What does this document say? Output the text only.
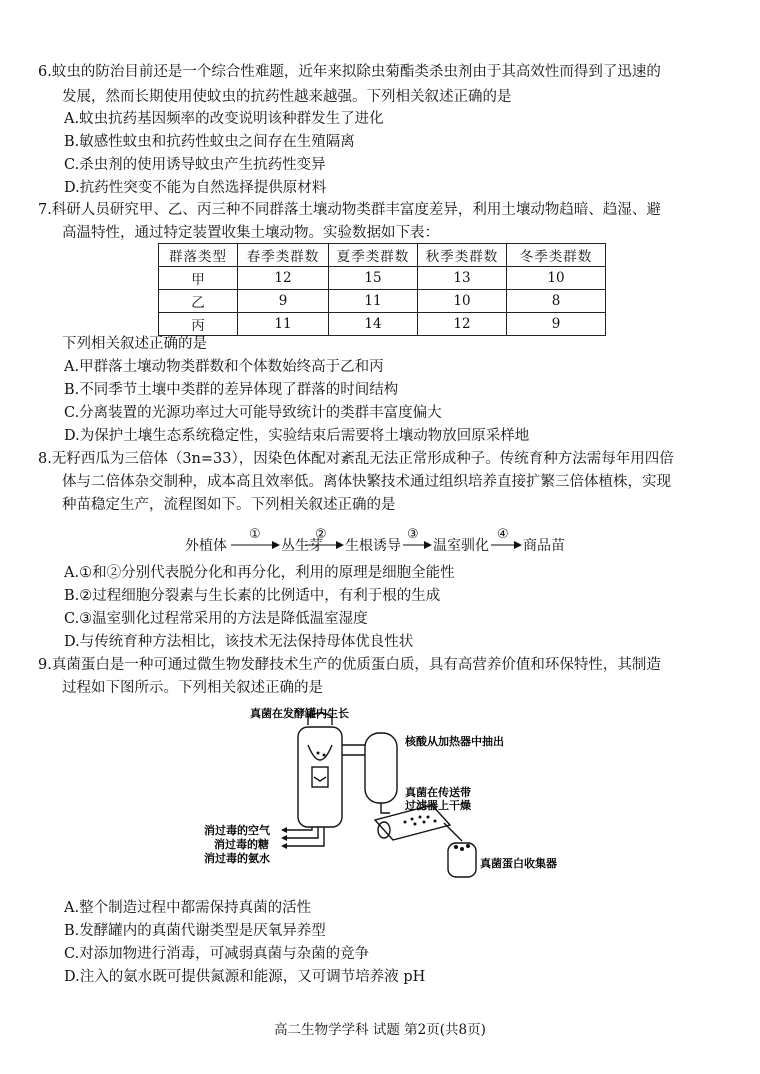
6.蚊虫的防治目前还是一个综合性难题，近年来拟除虫菊酯类杀虫剂由于其高效性而得到了迅速的
发展，然而长期使用使蚊虫的抗药性越来越强。下列相关叙述正确的是
A.蚊虫抗药基因频率的改变说明该种群发生了进化
B.敏感性蚊虫和抗药性蚊虫之间存在生殖隔离
C.杀虫剂的使用诱导蚊虫产生抗药性变异
D.抗药性突变不能为自然选择提供原材料
7.科研人员研究甲、乙、丙三种不同群落土壤动物类群丰富度差异，利用土壤动物趋暗、趋湿、避
高温特性，通过特定装置收集土壤动物。实验数据如下表：
群落类型	春季类群数	夏季类群数	秋季类群数	冬季类群数
甲	12	15	13	10
乙	9	11	10	8
丙	11	14	12	9
下列相关叙述正确的是
A.甲群落土壤动物类群数和个体数始终高于乙和丙
B.不同季节土壤中类群的差异体现了群落的时间结构
C.分离装置的光源功率过大可能导致统计的类群丰富度偏大
D.为保护土壤生态系统稳定性，实验结束后需要将土壤动物放回原采样地
8.无籽西瓜为三倍体（3n=33），因染色体配对紊乱无法正常形成种子。传统育种方法需每年用四倍
体与二倍体杂交制种，成本高且效率低。离体快繁技术通过组织培养直接扩繁三倍体植株，实现
种苗稳定生产，流程图如下。下列相关叙述正确的是
外植体
①
丛生芽
②
生根诱导
③
温室驯化
④
商品苗
A.①和②分别代表脱分化和再分化，利用的原理是细胞全能性
B.②过程细胞分裂素与生长素的比例适中，有利于根的生成
C.③温室驯化过程常采用的方法是降低温室湿度
D.与传统育种方法相比，该技术无法保持母体优良性状
9.真菌蛋白是一种可通过微生物发酵技术生产的优质蛋白质，具有高营养价值和环保特性，其制造
过程如下图所示。下列相关叙述正确的是
真菌在发酵罐内生长
核酸从加热器中抽出
真菌在传送带
过滤器上干燥
消过毒的空气
消过毒的糖
消过毒的氨水	真菌蛋白收集器
A.整个制造过程中都需保持真菌的活性
B.发酵罐内的真菌代谢类型是厌氧异养型
C.对添加物进行消毒，可减弱真菌与杂菌的竞争
D.注入的氨水既可提供氮源和能源，又可调节培养液 pH
高二生物学学科 试题 第2页(共8页)
